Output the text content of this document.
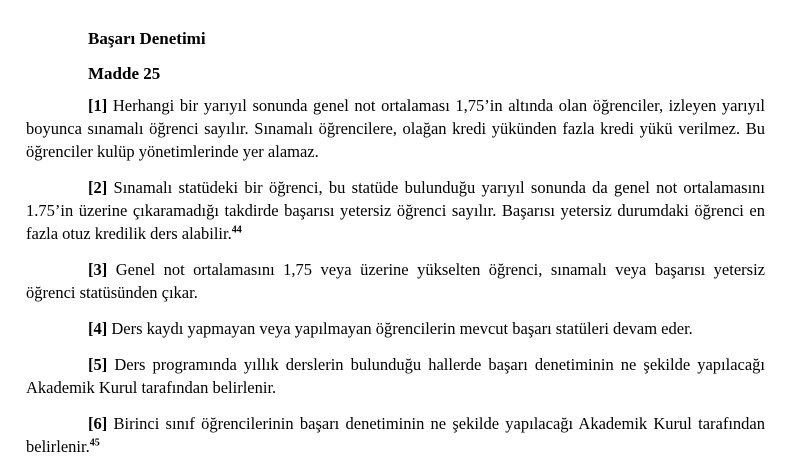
Başarı Denetimi
Madde 25

[1] Herhangi bir yarıyıl sonunda genel not ortalaması 1,75’in altında olan öğrenciler, izleyen yarıyıl boyunca sınamalı öğrenci sayılır. Sınamalı öğrencilere, olağan kredi yükünden fazla kredi yükü verilmez. Bu öğrenciler kulüp yönetimlerinde yer alamaz.

[2] Sınamalı statüdeki bir öğrenci, bu statüde bulunduğu yarıyıl sonunda da genel not ortalamasını 1.75’in üzerine çıkaramadığı takdirde başarısı yetersiz öğrenci sayılır. Başarısı yetersiz durumdaki öğrenci en fazla otuz kredilik ders alabilir.$^{44}$

[3] Genel not ortalamasını 1,75 veya üzerine yükselten öğrenci, sınamalı veya başarısı yetersiz öğrenci statüsünden çıkar.

[4] Ders kaydı yapmayan veya yapılmayan öğrencilerin mevcut başarı statüleri devam eder.

[5] Ders programında yıllık derslerin bulunduğu hallerde başarı denetiminin ne şekilde yapılacağı Akademik Kurul tarafından belirlenir.

[6] Birinci sınıf öğrencilerinin başarı denetiminin ne şekilde yapılacağı Akademik Kurul tarafından belirlenir.$^{45}$
